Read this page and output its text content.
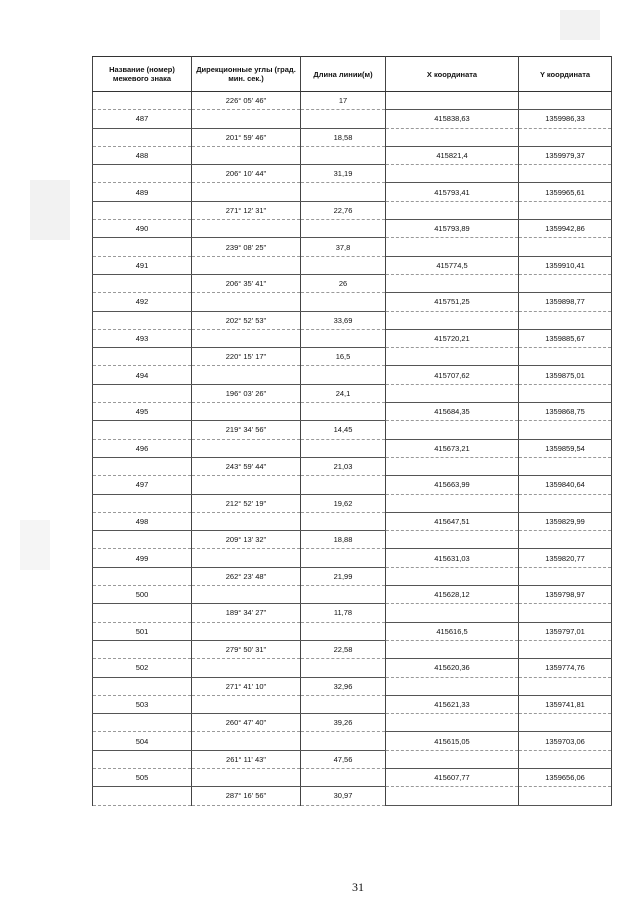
Название (номер) межевого знака	Дирекционные углы (град. мин. сек.)	Длина линии(м)	X координата	Y координата
	226° 05' 46"	17		
487			415838,63	1359986,33
	201° 59' 46"	18,58		
488			415821,4	1359979,37
	206° 10' 44"	31,19		
489			415793,41	1359965,61
	271° 12' 31"	22,76		
490			415793,89	1359942,86
	239° 08' 25"	37,8		
491			415774,5	1359910,41
	206° 35' 41"	26		
492			415751,25	1359898,77
	202° 52' 53"	33,69		
493			415720,21	1359885,67
	220° 15' 17"	16,5		
494			415707,62	1359875,01
	196° 03' 26"	24,1		
495			415684,35	1359868,75
	219° 34' 56"	14,45		
496			415673,21	1359859,54
	243° 59' 44"	21,03		
497			415663,99	1359840,64
	212° 52' 19"	19,62		
498			415647,51	1359829,99
	209° 13' 32"	18,88		
499			415631,03	1359820,77
	262° 23' 48"	21,99		
500			415628,12	1359798,97
	189° 34' 27"	11,78		
501			415616,5	1359797,01
	279° 50' 31"	22,58		
502			415620,36	1359774,76
	271° 41' 10"	32,96		
503			415621,33	1359741,81
	260° 47' 40"	39,26		
504			415615,05	1359703,06
	261° 11' 43"	47,56		
505			415607,77	1359656,06
	287° 16' 56"	30,97		
31
